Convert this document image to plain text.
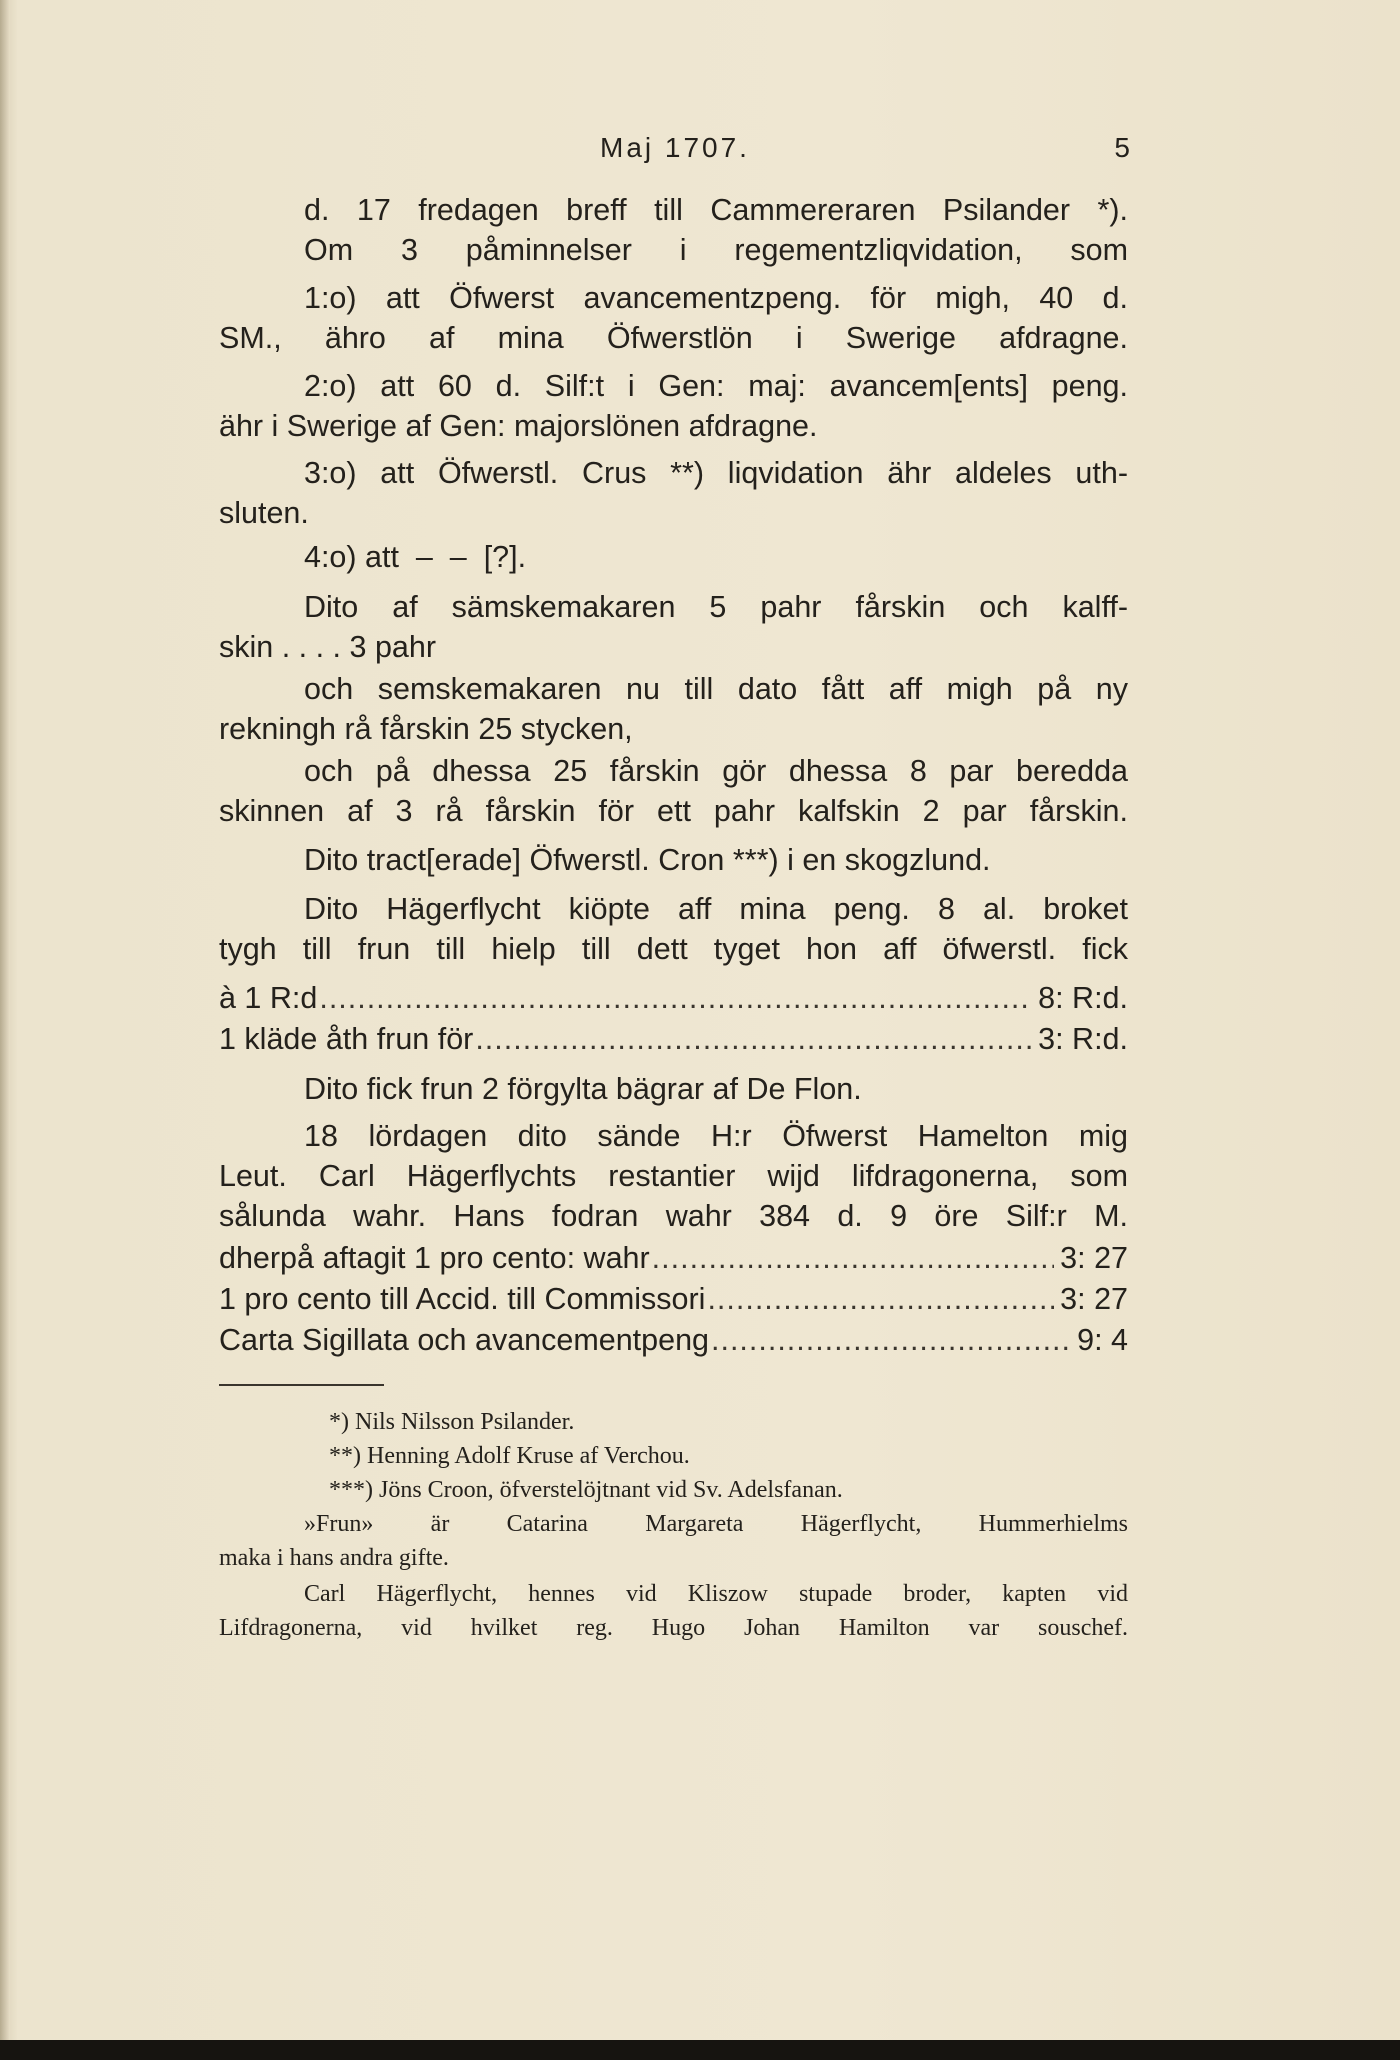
Maj 1707.	5
d. 17 fredagen breff till Cammereraren Psilander *).
Om 3 påminnelser i regementzliqvidation, som
1:o) att Öfwerst avancementzpeng. för migh, 40 d.
SM., ähro af mina Öfwerstlön i Swerige afdragne.
2:o) att 60 d. Silf:t i Gen: maj: avancem[ents] peng.
ähr i Swerige af Gen: majorslönen afdragne.
3:o) att Öfwerstl. Crus **) liqvidation ähr aldeles uth-
sluten.
4:o) att  –  –  [?].
Dito af sämskemakaren 5 pahr fårskin och kalff-
skin . . . . 3 pahr
och semskemakaren nu till dato fått aff migh på ny
rekningh rå fårskin 25 stycken,
och på dhessa 25 fårskin gör dhessa 8 par beredda
skinnen af 3 rå fårskin för ett pahr kalfskin 2 par fårskin.
Dito tract[erade] Öfwerstl. Cron ***) i en skogzlund.
Dito Hägerflycht kiöpte aff mina peng. 8 al. broket
tygh till frun till hielp till dett tyget hon aff öfwerstl. fick
à 1 R:d .....	8: R:d.
1 kläde åth frun för .....	3: R:d.
Dito fick frun 2 förgylta bägrar af De Flon.
18 lördagen dito sände H:r Öfwerst Hamelton mig
Leut. Carl Hägerflychts restantier wijd lifdragonerna, som
sålunda wahr. Hans fodran wahr 384 d. 9 öre Silf:r M.
dherpå aftagit 1 pro cento: wahr .....	3: 27
1 pro cento till Accid. till Commissori .....	3: 27
Carta Sigillata och avancementpeng .....	9: 4
*) Nils Nilsson Psilander.
**) Henning Adolf Kruse af Verchou.
***) Jöns Croon, öfverstelöjtnant vid Sv. Adelsfanan.
»Frun» är Catarina Margareta Hägerflycht, Hummerhielms
maka i hans andra gifte.
Carl Hägerflycht, hennes vid Kliszow stupade broder, kapten vid
Lifdragonerna, vid hvilket reg. Hugo Johan Hamilton var souschef.
